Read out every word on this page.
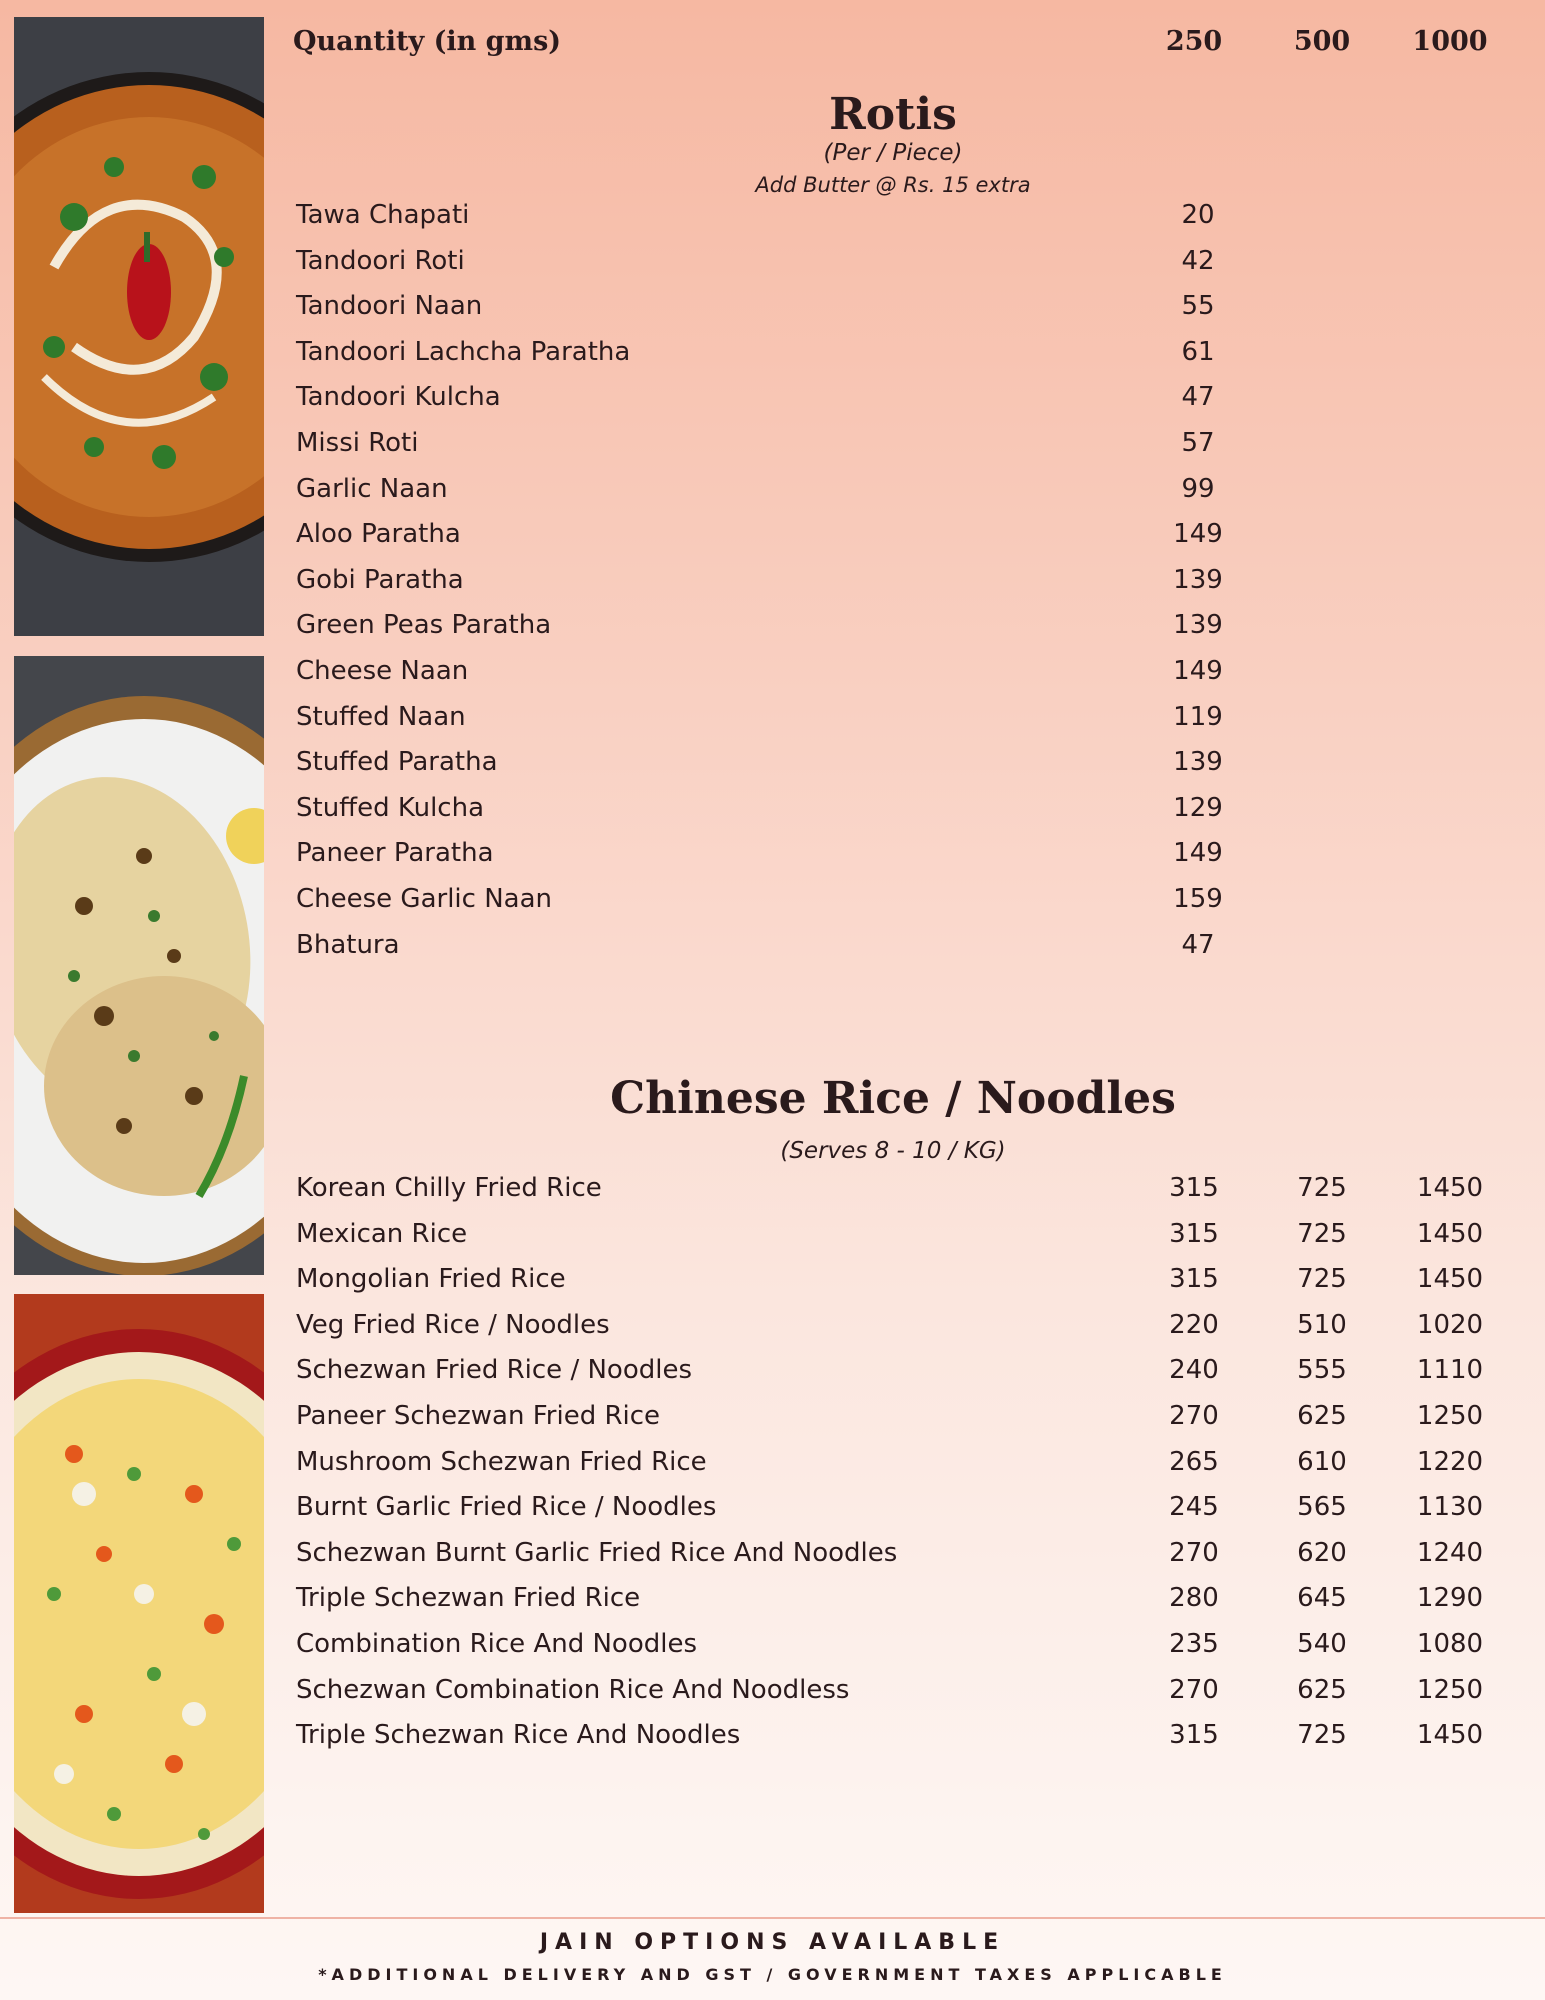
Quantity (in gms)	250	500	1000
Rotis
(Per / Piece)
Add Butter @ Rs. 15 extra
Tawa Chapati	20
Tandoori Roti	42
Tandoori Naan	55
Tandoori Lachcha Paratha	61
Tandoori Kulcha	47
Missi Roti	57
Garlic Naan	99
Aloo Paratha	149
Gobi Paratha	139
Green Peas Paratha	139
Cheese Naan	149
Stuffed Naan	119
Stuffed Paratha	139
Stuffed Kulcha	129
Paneer Paratha	149
Cheese Garlic Naan	159
Bhatura	47
Chinese Rice / Noodles
(Serves 8 - 10 / KG)
Korean Chilly Fried Rice	315	725	1450
Mexican Rice	315	725	1450
Mongolian Fried Rice	315	725	1450
Veg Fried Rice / Noodles	220	510	1020
Schezwan Fried Rice / Noodles	240	555	1110
Paneer Schezwan Fried Rice	270	625	1250
Mushroom Schezwan Fried Rice	265	610	1220
Burnt Garlic Fried Rice / Noodles	245	565	1130
Schezwan Burnt Garlic Fried Rice And Noodles	270	620	1240
Triple Schezwan Fried Rice	280	645	1290
Combination Rice And Noodles	235	540	1080
Schezwan Combination Rice And Noodless	270	625	1250
Triple Schezwan Rice And Noodles	315	725	1450
JAIN OPTIONS AVAILABLE
*ADDITIONAL DELIVERY AND GST / GOVERNMENT TAXES APPLICABLE
